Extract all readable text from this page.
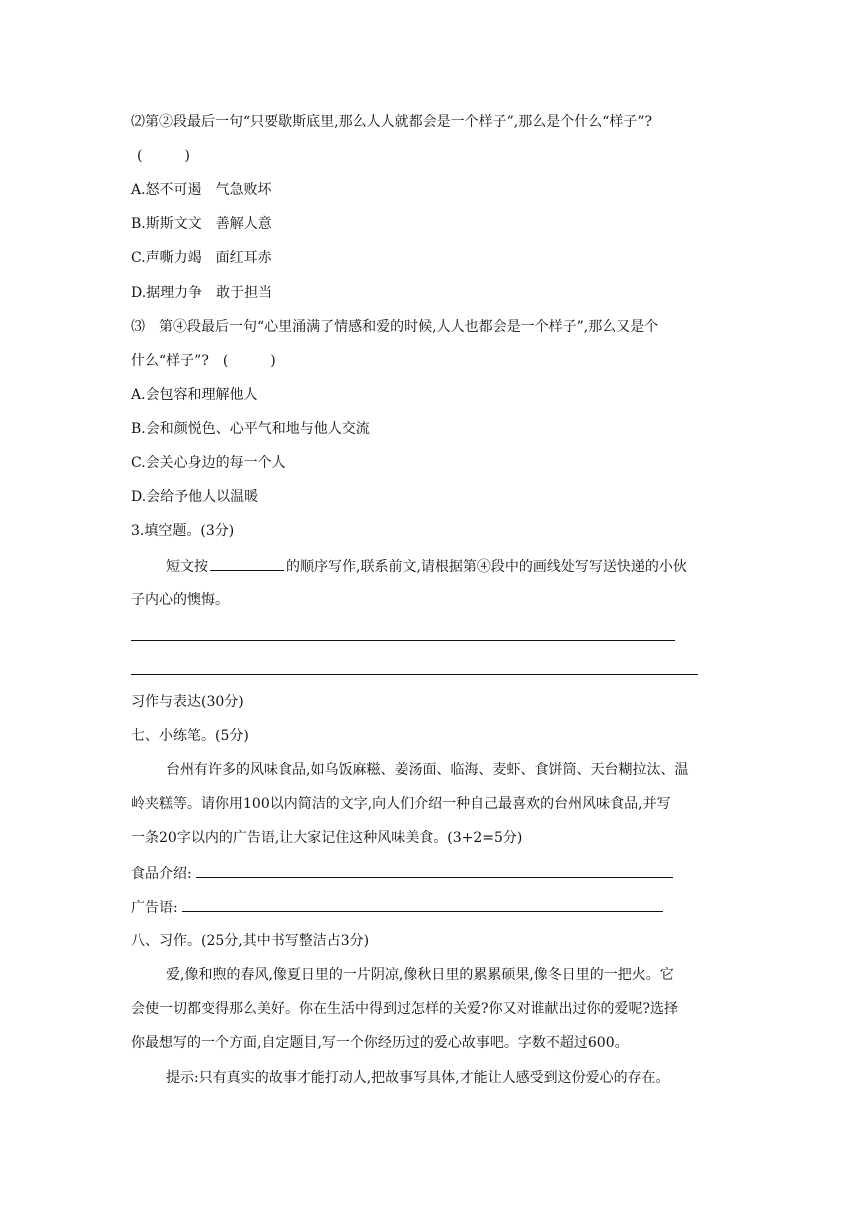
⑵第②段最后一句“只要歇斯底里,那么人人就都会是一个样子”,那么是个什么“样子”?
(　　　)
A.怒不可遏　气急败坏
B.斯斯文文　善解人意
C.声嘶力竭　面红耳赤
D.据理力争　敢于担当
⑶　第④段最后一句“心里涌满了情感和爱的时候,人人也都会是一个样子”,那么又是个
什么“样子”?　(　　　)
A.会包容和理解他人
B.会和颜悦色、心平气和地与他人交流
C.会关心身边的每一个人
D.会给予他人以温暖
3.填空题。(3分)
短文按	的顺序写作,联系前文,请根据第④段中的画线处写写送快递的小伙
子内心的懊悔。
习作与表达(30分)
七、小练笔。(5分)
台州有许多的风味食品,如乌饭麻糍、姜汤面、临海、麦虾、食饼筒、天台糊拉汰、温
岭夹糕等。请你用100以内简洁的文字,向人们介绍一种自己最喜欢的台州风味食品,并写
一条20字以内的广告语,让大家记住这种风味美食。(3+2=5分)
食品介绍:
广告语:
八、习作。(25分,其中书写整洁占3分)
爱,像和煦的春风,像夏日里的一片阴凉,像秋日里的累累硕果,像冬日里的一把火。它
会使一切都变得那么美好。你在生活中得到过怎样的关爱?你又对谁献出过你的爱呢?选择
你最想写的一个方面,自定题目,写一个你经历过的爱心故事吧。字数不超过600。
提示:只有真实的故事才能打动人,把故事写具体,才能让人感受到这份爱心的存在。
